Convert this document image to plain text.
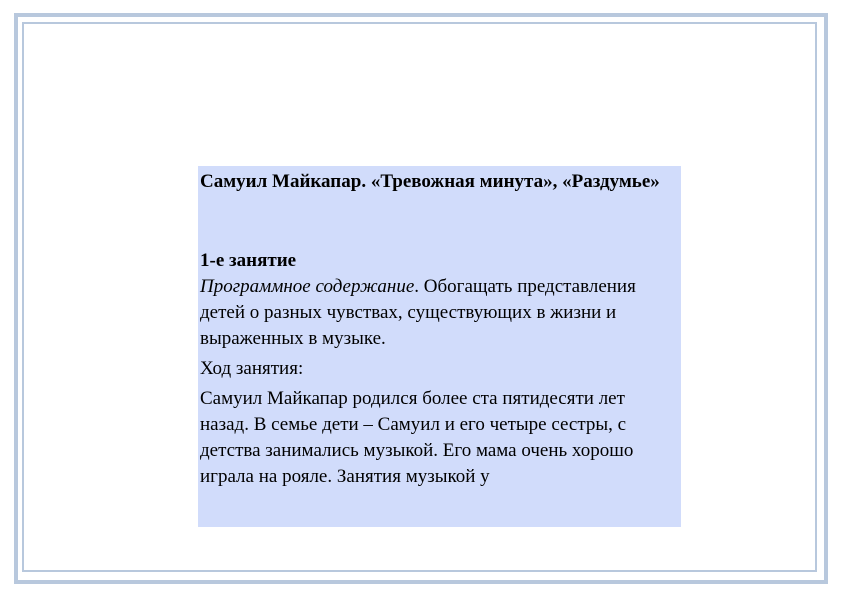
Самуил Майкапар. «Тревожная минута», «Раздумье»

1-е занятие

Программное содержание. Обогащать представления детей о разных чувствах, существующих в жизни и выраженных в музыке.

Ход занятия:

Самуил Майкапар родился более ста пятидесяти лет назад. В семье дети – Самуил и его четыре сестры, с детства занимались музыкой. Его мама очень хорошо играла на рояле. Занятия музыкой у
